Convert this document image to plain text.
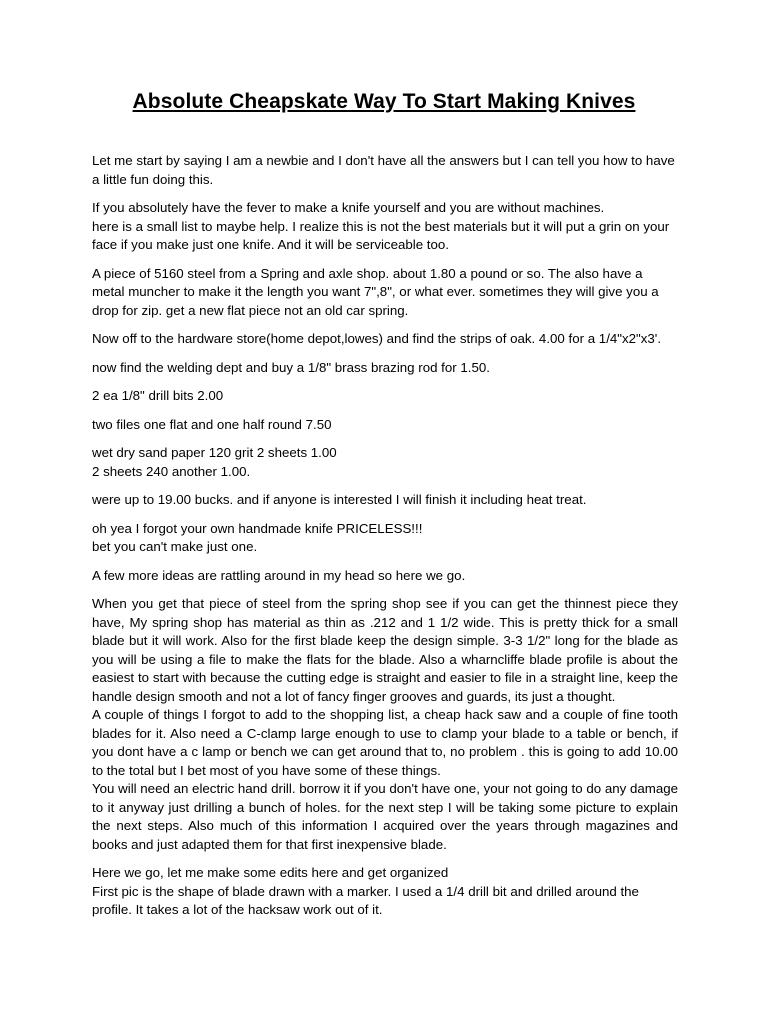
Absolute Cheapskate Way To Start Making Knives

Let me start by saying I am a newbie and I don't have all the answers but I can tell you how to have a little fun doing this.

If you absolutely have the fever to make a knife yourself and you are without machines.
here is a small list to maybe help. I realize this is not the best materials but it will put a grin on your face if you make just one knife. And it will be serviceable too.

A piece of 5160 steel from a Spring and axle shop. about 1.80 a pound or so. The also have a metal muncher to make it the length you want 7",8", or what ever. sometimes they will give you a drop for zip. get a new flat piece not an old car spring.

Now off to the hardware store(home depot,lowes) and find the strips of oak. 4.00 for a 1/4"x2"x3'.

now find the welding dept and buy a 1/8" brass brazing rod for 1.50.

2 ea 1/8" drill bits 2.00

two files one flat and one half round 7.50

wet dry sand paper 120 grit 2 sheets 1.00
2 sheets 240 another 1.00.

were up to 19.00 bucks. and if anyone is interested I will finish it including heat treat.

oh yea I forgot your own handmade knife PRICELESS!!!
bet you can't make just one.

A few more ideas are rattling around in my head so here we go.

When you get that piece of steel from the spring shop see if you can get the thinnest piece they have, My spring shop has material as thin as .212 and 1 1/2 wide. This is pretty thick for a small blade but it will work. Also for the first blade keep the design simple. 3-3 1/2" long for the blade as you will be using a file to make the flats for the blade. Also a wharncliffe blade profile is about the easiest to start with because the cutting edge is straight and easier to file in a straight line, keep the handle design smooth and not a lot of fancy finger grooves and guards, its just a thought.
A couple of things I forgot to add to the shopping list, a cheap hack saw and a couple of fine tooth blades for it. Also need a C-clamp large enough to use to clamp your blade to a table or bench, if you dont have a c lamp or bench we can get around that to, no problem . this is going to add 10.00 to the total but I bet most of you have some of these things.
You will need an electric hand drill. borrow it if you don't have one, your not going to do any damage to it anyway just drilling a bunch of holes. for the next step I will be taking some picture to explain the next steps. Also much of this information I acquired over the years through magazines and books and just adapted them for that first inexpensive blade.

Here we go, let me make some edits here and get organized
First pic is the shape of blade drawn with a marker. I used a 1/4 drill bit and drilled around the profile. It takes a lot of the hacksaw work out of it.
